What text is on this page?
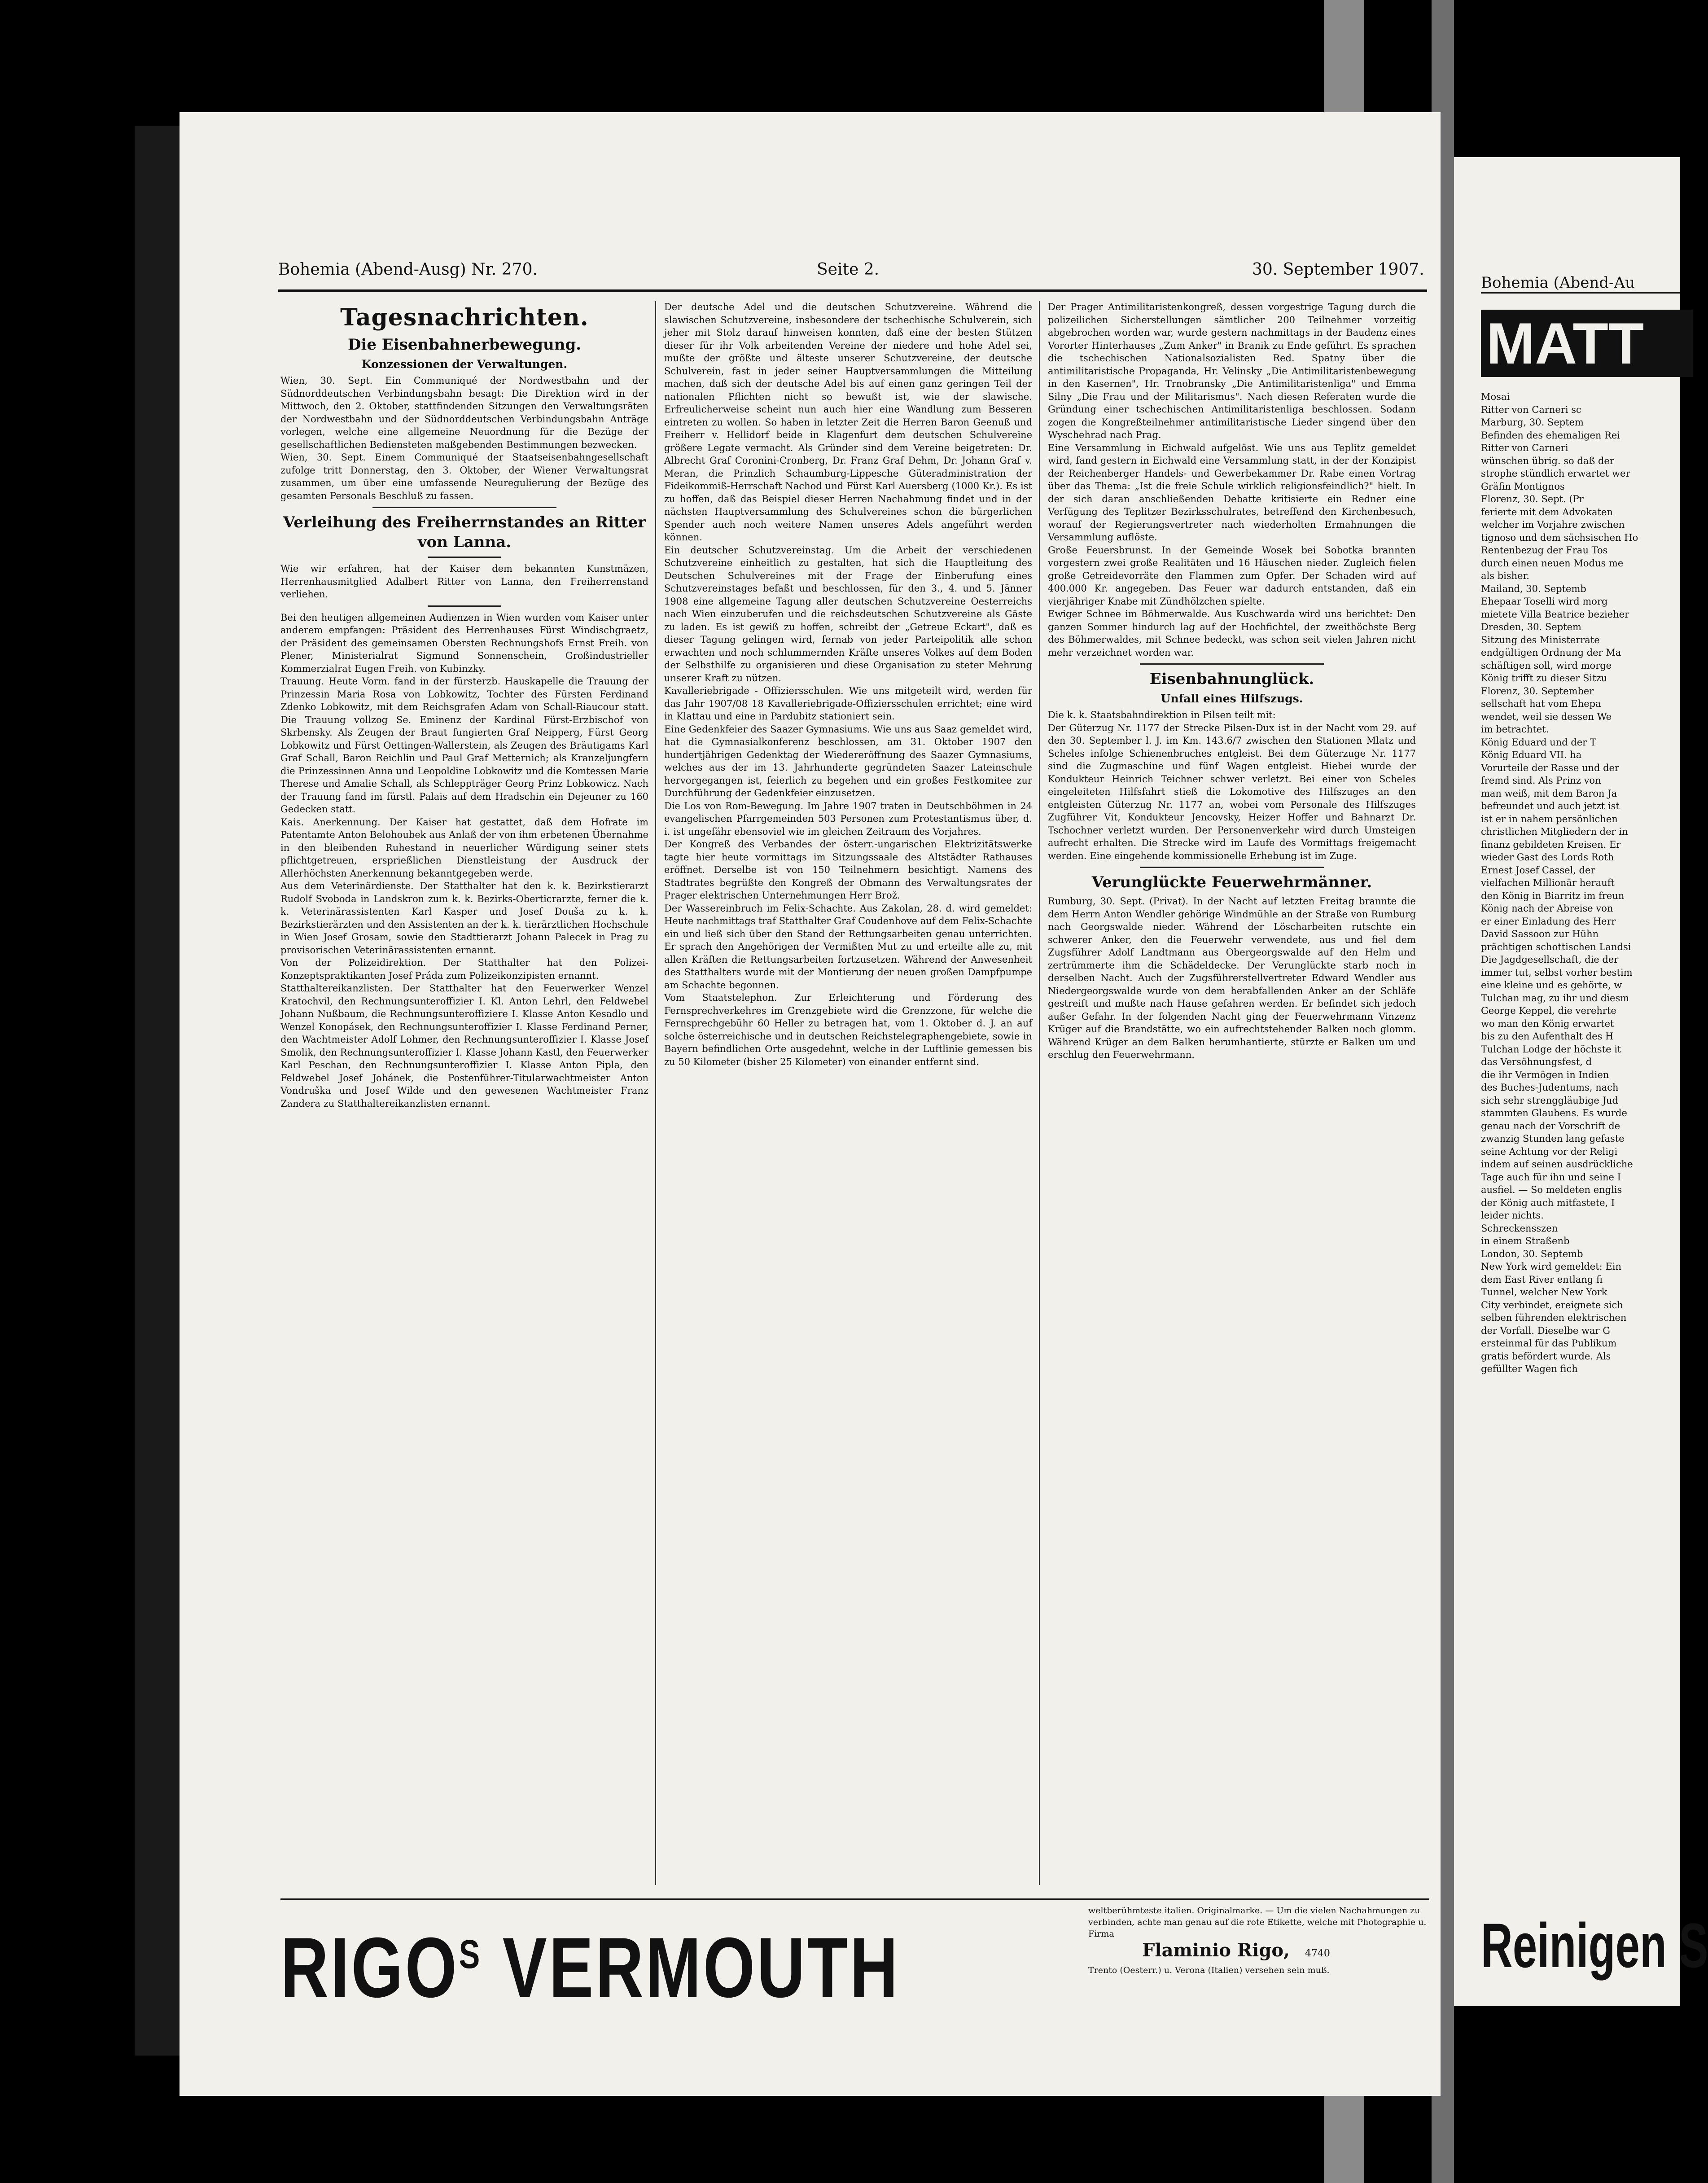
Bohemia (Abend-Ausg) Nr. 270.	Seite 2.	30. September 1907.
Tagesnachrichten.
Die Eisenbahnerbewegung.
Konzessionen der Verwaltungen.

Wien, 30. Sept. Ein Communiqué der Nordwestbahn und der Südnorddeutschen Verbindungsbahn besagt: Die Direktion wird in der Mittwoch, den 2. Oktober, stattfindenden Sitzungen den Verwaltungsräten der Nordwestbahn und der Südnorddeutschen Verbindungsbahn Anträge vorlegen, welche eine allgemeine Neuordnung für die Bezüge der gesellschaftlichen Bediensteten maßgebenden Bestimmungen bezwecken.

Wien, 30. Sept. Einem Communiqué der Staatseisenbahngesellschaft zufolge tritt Donnerstag, den 3. Oktober, der Wiener Verwaltungsrat zusammen, um über eine umfassende Neuregulierung der Bezüge des gesamten Personals Beschluß zu fassen.

Verleihung des Freiherrnstandes an Ritter von Lanna.

Wie wir erfahren, hat der Kaiser dem bekannten Kunstmäzen, Herrenhausmitglied Adalbert Ritter von Lanna, den Freiherrenstand verliehen.

Bei den heutigen allgemeinen Audienzen in Wien wurden vom Kaiser unter anderem empfangen: Präsident des Herrenhauses Fürst Windischgraetz, der Präsident des gemeinsamen Obersten Rechnungshofs Ernst Freih. von Plener, Ministerialrat Sigmund Sonnenschein, Großindustrieller Kommerzialrat Eugen Freih. von Kubinzky.

Trauung. Heute Vorm. fand in der fürsterzb. Hauskapelle die Trauung der Prinzessin Maria Rosa von Lobkowitz, Tochter des Fürsten Ferdinand Zdenko Lobkowitz, mit dem Reichsgrafen Adam von Schall-Riaucour statt. Die Trauung vollzog Se. Eminenz der Kardinal Fürst-Erzbischof von Skrbensky. Als Zeugen der Braut fungierten Graf Neipperg, Fürst Georg Lobkowitz und Fürst Oettingen-Wallerstein, als Zeugen des Bräutigams Karl Graf Schall, Baron Reichlin und Paul Graf Metternich; als Kranzeljungfern die Prinzessinnen Anna und Leopoldine Lobkowitz und die Komtessen Marie Therese und Amalie Schall, als Schleppträger Georg Prinz Lobkowicz. Nach der Trauung fand im fürstl. Palais auf dem Hradschin ein Dejeuner zu 160 Gedecken statt.

Kais. Anerkennung. Der Kaiser hat gestattet, daß dem Hofrate im Patentamte Anton Belohoubek aus Anlaß der von ihm erbetenen Übernahme in den bleibenden Ruhestand in neuerlicher Würdigung seiner stets pflichtgetreuen, ersprießlichen Dienstleistung der Ausdruck der Allerhöchsten Anerkennung bekanntgegeben werde.

Aus dem Veterinärdienste. Der Statthalter hat den k. k. Bezirkstierarzt Rudolf Svoboda in Landskron zum k. k. Bezirks-Oberticrarzte, ferner die k. k. Veterinärassistenten Karl Kasper und Josef Douša zu k. k. Bezirkstierärzten und den Assistenten an der k. k. tierärztlichen Hochschule in Wien Josef Grosam, sowie den Stadttierarzt Johann Palecek in Prag zu provisorischen Veterinärassistenten ernannt.

Von der Polizeidirektion. Der Statthalter hat den Polizei-Konzeptspraktikanten Josef Práda zum Polizeikonzipisten ernannt.

Statthaltereikanzlisten. Der Statthalter hat den Feuerwerker Wenzel Kratochvil, den Rechnungsunteroffizier I. Kl. Anton Lehrl, den Feldwebel Johann Nußbaum, die Rechnungsunteroffiziere I. Klasse Anton Kesadlo und Wenzel Konopásek, den Rechnungsunteroffizier I. Klasse Ferdinand Perner, den Wachtmeister Adolf Lohmer, den Rechnungsunteroffizier I. Klasse Josef Smolik, den Rechnungsunteroffizier I. Klasse Johann Kastl, den Feuerwerker Karl Peschan, den Rechnungsunteroffizier I. Klasse Anton Pipla, den Feldwebel Josef Johánek, die Postenführer-Titularwachtmeister Anton Vondruška und Josef Wilde und den gewesenen Wachtmeister Franz Zandera zu Statthaltereikanzlisten ernannt.

Der deutsche Adel und die deutschen Schutzvereine. Während die slawischen Schutzvereine, insbesondere der tschechische Schulverein, sich jeher mit Stolz darauf hinweisen konnten, daß eine der besten Stützen dieser für ihr Volk arbeitenden Vereine der niedere und hohe Adel sei, mußte der größte und älteste unserer Schutzvereine, der deutsche Schulverein, fast in jeder seiner Hauptversammlungen die Mitteilung machen, daß sich der deutsche Adel bis auf einen ganz geringen Teil der nationalen Pflichten nicht so bewußt ist, wie der slawische. Erfreulicherweise scheint nun auch hier eine Wandlung zum Besseren eintreten zu wollen. So haben in letzter Zeit die Herren Baron Geenuß und Freiherr v. Hellidorf beide in Klagenfurt dem deutschen Schulvereine größere Legate vermacht. Als Gründer sind dem Vereine beigetreten: Dr. Albrecht Graf Coronini-Cronberg, Dr. Franz Graf Dehm, Dr. Johann Graf v. Meran, die Prinzlich Schaumburg-Lippesche Güteradministration der Fideikommiß-Herrschaft Nachod und Fürst Karl Auersberg (1000 Kr.). Es ist zu hoffen, daß das Beispiel dieser Herren Nachahmung findet und in der nächsten Hauptversammlung des Schulvereines schon die bürgerlichen Spender auch noch weitere Namen unseres Adels angeführt werden können.

Ein deutscher Schutzvereinstag. Um die Arbeit der verschiedenen Schutzvereine einheitlich zu gestalten, hat sich die Hauptleitung des Deutschen Schulvereines mit der Frage der Einberufung eines Schutzvereinstages befaßt und beschlossen, für den 3., 4. und 5. Jänner 1908 eine allgemeine Tagung aller deutschen Schutzvereine Oesterreichs nach Wien einzuberufen und die reichsdeutschen Schutzvereine als Gäste zu laden. Es ist gewiß zu hoffen, schreibt der „Getreue Eckart", daß es dieser Tagung gelingen wird, fernab von jeder Parteipolitik alle schon erwachten und noch schlummernden Kräfte unseres Volkes auf dem Boden der Selbsthilfe zu organisieren und diese Organisation zu steter Mehrung unserer Kraft zu nützen.

Kavalleriebrigade - Offiziersschulen. Wie uns mitgeteilt wird, werden für das Jahr 1907/08 18 Kavalleriebrigade-Offiziersschulen errichtet; eine wird in Klattau und eine in Pardubitz stationiert sein.

Eine Gedenkfeier des Saazer Gymnasiums. Wie uns aus Saaz gemeldet wird, hat die Gymnasialkonferenz beschlossen, am 31. Oktober 1907 den hundertjährigen Gedenktag der Wiedereröffnung des Saazer Gymnasiums, welches aus der im 13. Jahrhunderte gegründeten Saazer Lateinschule hervorgegangen ist, feierlich zu begehen und ein großes Festkomitee zur Durchführung der Gedenkfeier einzusetzen.

Die Los von Rom-Bewegung. Im Jahre 1907 traten in Deutschböhmen in 24 evangelischen Pfarrgemeinden 503 Personen zum Protestantismus über, d. i. ist ungefähr ebensoviel wie im gleichen Zeitraum des Vorjahres.

Der Kongreß des Verbandes der österr.-ungarischen Elektrizitätswerke tagte hier heute vormittags im Sitzungssaale des Altstädter Rathauses eröffnet. Derselbe ist von 150 Teilnehmern besichtigt. Namens des Stadtrates begrüßte den Kongreß der Obmann des Verwaltungsrates der Prager elektrischen Unternehmungen Herr Brož.

Der Wassereinbruch im Felix-Schachte. Aus Zakolan, 28. d. wird gemeldet: Heute nachmittags traf Statthalter Graf Coudenhove auf dem Felix-Schachte ein und ließ sich über den Stand der Rettungsarbeiten genau unterrichten. Er sprach den Angehörigen der Vermißten Mut zu und erteilte alle zu, mit allen Kräften die Rettungsarbeiten fortzusetzen. Während der Anwesenheit des Statthalters wurde mit der Montierung der neuen großen Dampfpumpe am Schachte begonnen.

Vom Staatstelephon. Zur Erleichterung und Förderung des Fernsprechverkehres im Grenzgebiete wird die Grenzzone, für welche die Fernsprechgebühr 60 Heller zu betragen hat, vom 1. Oktober d. J. an auf solche österreichische und in deutschen Reichstelegraphengebiete, sowie in Bayern befindlichen Orte ausgedehnt, welche in der Luftlinie gemessen bis zu 50 Kilometer (bisher 25 Kilometer) von einander entfernt sind.

Der Prager Antimilitaristenkongreß, dessen vorgestrige Tagung durch die polizeilichen Sicherstellungen sämtlicher 200 Teilnehmer vorzeitig abgebrochen worden war, wurde gestern nachmittags in der Baudenz eines Vororter Hinterhauses „Zum Anker" in Branik zu Ende geführt. Es sprachen die tschechischen Nationalsozialisten Red. Spatny über die antimilitaristische Propaganda, Hr. Velinsky „Die Antimilitaristenbewegung in den Kasernen", Hr. Trnobransky „Die Antimilitaristenliga" und Emma Silny „Die Frau und der Militarismus". Nach diesen Referaten wurde die Gründung einer tschechischen Antimilitaristenliga beschlossen. Sodann zogen die Kongreßteilnehmer antimilitaristische Lieder singend über den Wyschehrad nach Prag.

Eine Versammlung in Eichwald aufgelöst. Wie uns aus Teplitz gemeldet wird, fand gestern in Eichwald eine Versammlung statt, in der der Konzipist der Reichenberger Handels- und Gewerbekammer Dr. Rabe einen Vortrag über das Thema: „Ist die freie Schule wirklich religionsfeindlich?" hielt. In der sich daran anschließenden Debatte kritisierte ein Redner eine Verfügung des Teplitzer Bezirksschulrates, betreffend den Kirchenbesuch, worauf der Regierungsvertreter nach wiederholten Ermahnungen die Versammlung auflöste.

Große Feuersbrunst. In der Gemeinde Wosek bei Sobotka brannten vorgestern zwei große Realitäten und 16 Häuschen nieder. Zugleich fielen große Getreidevorräte den Flammen zum Opfer. Der Schaden wird auf 400.000 Kr. angegeben. Das Feuer war dadurch entstanden, daß ein vierjähriger Knabe mit Zündhölzchen spielte.

Ewiger Schnee im Böhmerwalde. Aus Kuschwarda wird uns berichtet: Den ganzen Sommer hindurch lag auf der Hochfichtel, der zweithöchste Berg des Böhmerwaldes, mit Schnee bedeckt, was schon seit vielen Jahren nicht mehr verzeichnet worden war.

Eisenbahnunglück.
Unfall eines Hilfszugs.

Die k. k. Staatsbahndirektion in Pilsen teilt mit:

Der Güterzug Nr. 1177 der Strecke Pilsen-Dux ist in der Nacht vom 29. auf den 30. September l. J. im Km. 143.6/7 zwischen den Stationen Mlatz und Scheles infolge Schienenbruches entgleist. Bei dem Güterzuge Nr. 1177 sind die Zugmaschine und fünf Wagen entgleist. Hiebei wurde der Kondukteur Heinrich Teichner schwer verletzt. Bei einer von Scheles eingeleiteten Hilfsfahrt stieß die Lokomotive des Hilfszuges an den entgleisten Güterzug Nr. 1177 an, wobei vom Personale des Hilfszuges Zugführer Vit, Kondukteur Jencovsky, Heizer Hoffer und Bahnarzt Dr. Tschochner verletzt wurden. Der Personenverkehr wird durch Umsteigen aufrecht erhalten. Die Strecke wird im Laufe des Vormittags freigemacht werden. Eine eingehende kommissionelle Erhebung ist im Zuge.

Verunglückte Feuerwehrmänner.

Rumburg, 30. Sept. (Privat). In der Nacht auf letzten Freitag brannte die dem Herrn Anton Wendler gehörige Windmühle an der Straße von Rumburg nach Georgswalde nieder. Während der Löscharbeiten rutschte ein schwerer Anker, den die Feuerwehr verwendete, aus und fiel dem Zugsführer Adolf Landtmann aus Obergeorgswalde auf den Helm und zertrümmerte ihm die Schädeldecke. Der Verunglückte starb noch in derselben Nacht. Auch der Zugsführerstellvertreter Edward Wendler aus Niedergeorgswalde wurde von dem herabfallenden Anker an der Schläfe gestreift und mußte nach Hause gefahren werden. Er befindet sich jedoch außer Gefahr. In der folgenden Nacht ging der Feuerwehrmann Vinzenz Krüger auf die Brandstätte, wo ein aufrechtstehender Balken noch glomm. Während Krüger an dem Balken herumhantierte, stürzte er Balken um und erschlug den Feuerwehrmann.

$RIGO^S$ VERMOUTH
weltberühmteste italien. Originalmarke. — Um die vielen Nachahmungen zu verbinden, achte man genau auf die rote Etikette, welche mit Photographie u. Firma
Flaminio Rigo, 4740
Trento (Oesterr.) u. Verona (Italien) versehen sein muß.
Bohemia (Abend-Au
MATT
Mosai
Ritter von Carneri sc
Marburg, 30. Septem
Befinden des ehemaligen Rei
Ritter von Carneri
wünschen übrig. so daß der
strophe stündlich erwartet wer
Gräfin Montignos
Florenz, 30. Sept. (Pr
ferierte mit dem Advokaten
welcher im Vorjahre zwischen
tignoso und dem sächsischen Ho
Rentenbezug der Frau Tos
durch einen neuen Modus me
als bisher.
Mailand, 30. Septemb
Ehepaar Toselli wird morg
mietete Villa Beatrice bezieher
Dresden, 30. Septem
Sitzung des Ministerrate
endgültigen Ordnung der Ma
schäftigen soll, wird morge
König trifft zu dieser Sitzu
Florenz, 30. September
sellschaft hat vom Ehepa
wendet, weil sie dessen We
im betrachtet.
König Eduard und der T
König Eduard VII. ha
Vorurteile der Rasse und der
fremd sind. Als Prinz von
man weiß, mit dem Baron Ja
befreundet und auch jetzt ist
ist er in nahem persönlichen
christlichen Mitgliedern der in
finanz gebildeten Kreisen. Er
wieder Gast des Lords Roth
Ernest Josef Cassel, der
vielfachen Millionär herauft
den König in Biarritz im freun
König nach der Abreise von
er einer Einladung des Herr
David Sassoon zur Hühn
prächtigen schottischen Landsi
Die Jagdgesellschaft, die der
immer tut, selbst vorher bestim
eine kleine und es gehörte, w
Tulchan mag, zu ihr und diesm
George Keppel, die verehrte
wo man den König erwartet
bis zu den Aufenthalt des H
Tulchan Lodge der höchste it
das Versöhnungsfest, d
die ihr Vermögen in Indien
des Buches-Judentums, nach
sich sehr strenggläubige Jud
stammten Glaubens. Es wurde
genau nach der Vorschrift de
zwanzig Stunden lang gefaste
seine Achtung vor der Religi
indem auf seinen ausdrückliche
Tage auch für ihn und seine I
ausfiel. — So meldeten englis
der König auch mitfastete, I
leider nichts.
Schreckensszen
in einem Straßenb
London, 30. Septemb
New York wird gemeldet: Ein
dem East River entlang fi
Tunnel, welcher New York
City verbindet, ereignete sich
selben führenden elektrischen
der Vorfall. Dieselbe war G
ersteinmal für das Publikum
gratis befördert wurde. Als
gefüllter Wagen fich
Reinigen S
